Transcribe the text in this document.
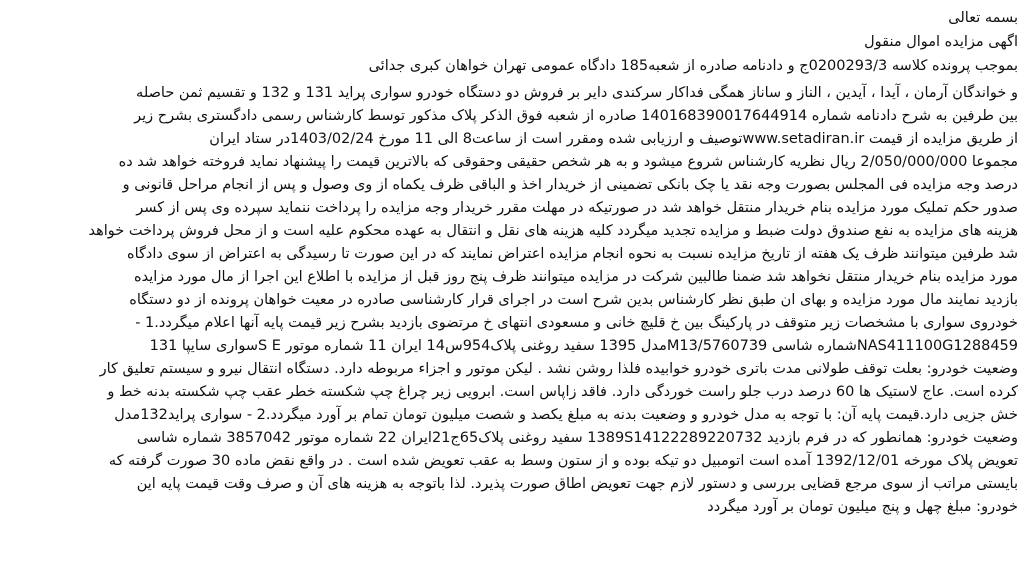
بسمه تعالی
اگهی مزایده اموال منقول
بموجب پرونده کلاسه 0200293/3ج و دادنامه صادره از شعبه185 دادگاه عمومی تهران خواهان کبری جدائی
و خواندگان آرمان ، آیدا ، آیدین ، الناز و ساناز همگی فداکار سرکندی دایر بر فروش دو دستگاه خودرو سواری پراید 131 و 132 و تقسیم ثمن حاصله
بین طرفین به شرح دادنامه شماره 140168390017644914 صادره از شعبه فوق الذکر پلاک مذکور توسط کارشناس رسمی دادگستری بشرح زیر
از طریق مزایده از قیمت www.setadiran.irتوصیف و ارزیابی شده ومقرر است از ساعت8 الی 11 مورخ 1403/02/24در ستاد ایران
مجموعا 2/050/000/000 ریال نظریه کارشناس شروع میشود و به هر شخص حقیقی وحقوقی که بالاترین قیمت را پیشنهاد نماید فروخته خواهد شد ده
درصد وجه مزایده فی المجلس بصورت وجه نقد یا چک بانکی تضمینی از خریدار اخذ و الباقی ظرف یکماه از وی وصول و پس از انجام مراحل قانونی و
صدور حکم تملیک مورد مزایده بنام خریدار منتقل خواهد شد در صورتیکه در مهلت مقرر خریدار وجه مزایده را پرداخت ننماید سپرده وی پس از کسر
هزینه های مزایده به نفع صندوق دولت ضبط و مزایده تجدید میگردد کلیه هزینه های نقل و انتقال به عهده محکوم علیه است و از محل فروش پرداخت خواهد
شد طرفین میتوانند ظرف یک هفته از تاریخ مزایده نسبت به نحوه انجام مزایده اعتراض نمایند که در این صورت تا رسیدگی به اعتراض از سوی دادگاه
مورد مزایده بنام خریدار منتقل نخواهد شد ضمنا طالبین شرکت در مزایده میتوانند ظرف پنج روز قبل از مزایده با اطلاع این اجرا از مال مورد مزایده
بازدید نمایند مال مورد مزایده و بهای ان طبق نظر کارشناس بدین شرح است در اجرای قرار کارشناسی صادره در معیت خواهان پرونده از دو دستگاه
خودروی سواری با مشخصات زیر متوقف در پارکینگ بین خ قلیچ خانی و مسعودی انتهای خ مرتضوی بازدید بشرح زیر قیمت پایه آنها اعلام میگردد.1 -
NAS411100G1288459شماره شاسی M13/5760739مدل 1395 سفید روغنی پلاک954س14 ایران 11 شماره موتور S Eسواری سایپا 131
وضعیت خودرو: بعلت توقف طولانی مدت باتری خودرو خوابیده فلذا روشن نشد . لیکن موتور و اجزاء مربوطه دارد. دستگاه انتقال نیرو و سیستم تعلیق کار
کرده است. عاج لاستیک ها 60 درصد درب جلو راست خوردگی دارد. فاقد زاپاس است. ابرویی زیر چراغ چپ شکسته خطر عقب چپ شکسته بدنه خط و
خش جزیی دارد.قیمت پایه آن: با توجه به مدل خودرو و وضعیت بدنه به مبلغ یکصد و شصت میلیون تومان تمام بر آورد میگردد.2 - سواری پراید132مدل
وضعیت خودرو: همانطور که در فرم بازدید 1389S14122289220732 سفید روغنی پلاک65ج21ایران 22 شماره موتور 3857042 شماره شاسی
تعویض پلاک مورخه 1392/12/01 آمده است اتومبیل دو تیکه بوده و از ستون وسط به عقب تعویض شده است . در واقع نقض ماده 30 صورت گرفته که
بایستی مراتب از سوی مرجع قضایی بررسی و دستور لازم جهت تعویض اطاق صورت پذیرد. لذا باتوجه به هزینه های آن و صرف وقت قیمت پایه این
خودرو: مبلغ چهل و پنج میلیون تومان بر آورد میگردد
